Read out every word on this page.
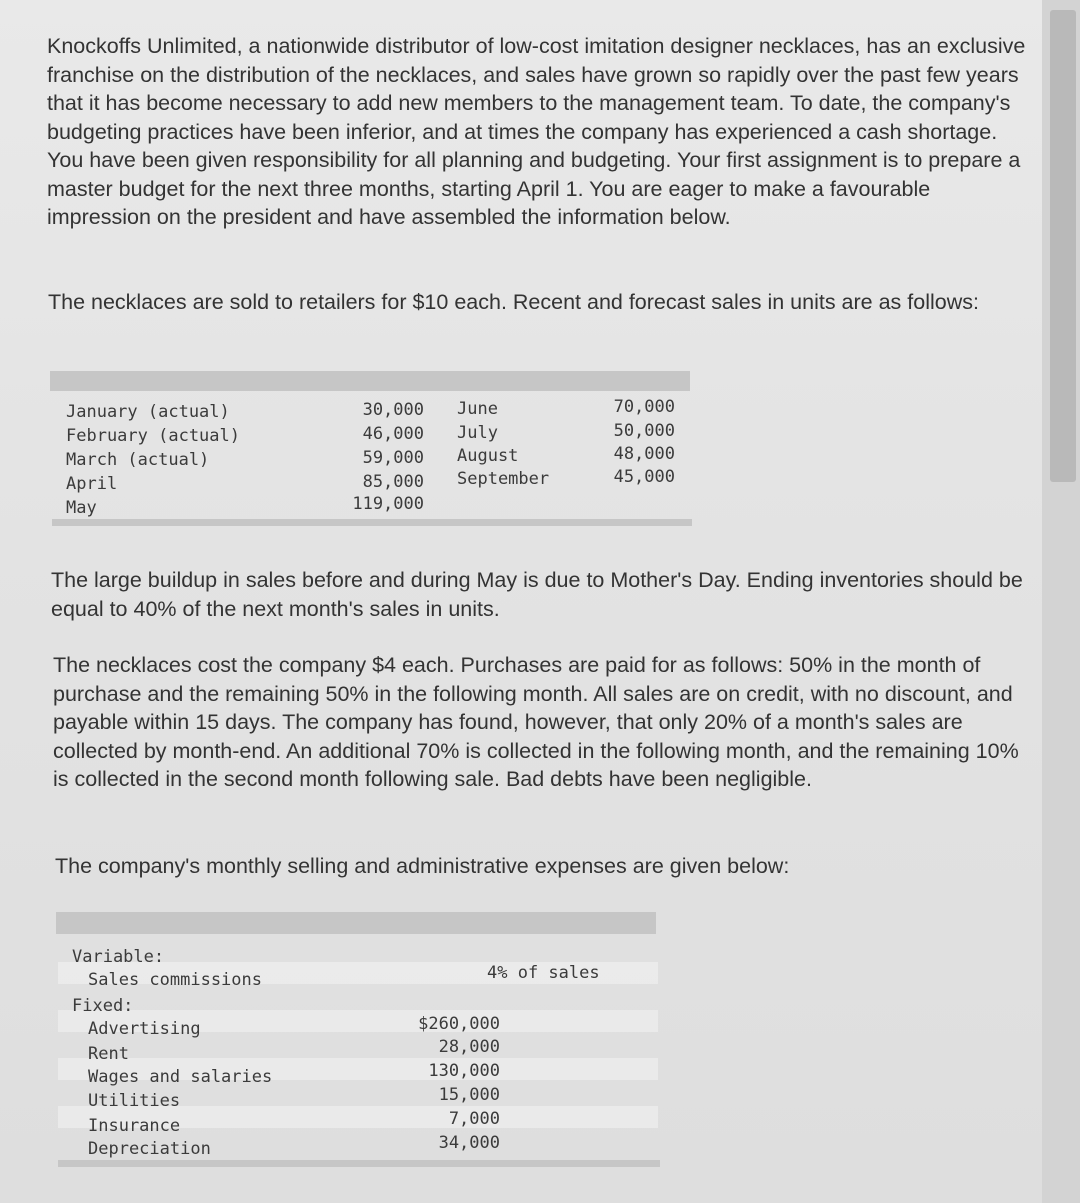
Knockoffs Unlimited, a nationwide distributor of low-cost imitation designer necklaces, has an exclusive franchise on the distribution of the necklaces, and sales have grown so rapidly over the past few years that it has become necessary to add new members to the management team. To date, the company's budgeting practices have been inferior, and at times the company has experienced a cash shortage. You have been given responsibility for all planning and budgeting. Your first assignment is to prepare a master budget for the next three months, starting April 1. You are eager to make a favourable impression on the president and have assembled the information below.

The necklaces are sold to retailers for $10 each. Recent and forecast sales in units are as follows:

January (actual)
February (actual)
March (actual)
April
May
30,000
46,000
59,000
85,000
119,000
June
July
August
September
70,000
50,000
48,000
45,000

The large buildup in sales before and during May is due to Mother's Day. Ending inventories should be equal to 40% of the next month's sales in units.

The necklaces cost the company $4 each. Purchases are paid for as follows: 50% in the month of purchase and the remaining 50% in the following month. All sales are on credit, with no discount, and payable within 15 days. The company has found, however, that only 20% of a month's sales are collected by month-end. An additional 70% is collected in the following month, and the remaining 10% is collected in the second month following sale. Bad debts have been negligible.

The company's monthly selling and administrative expenses are given below:

Variable:
Sales commissions	4% of sales
Fixed:
Advertising
Rent
Wages and salaries
Utilities
Insurance
Depreciation
$260,000
28,000
130,000
15,000
7,000
34,000
